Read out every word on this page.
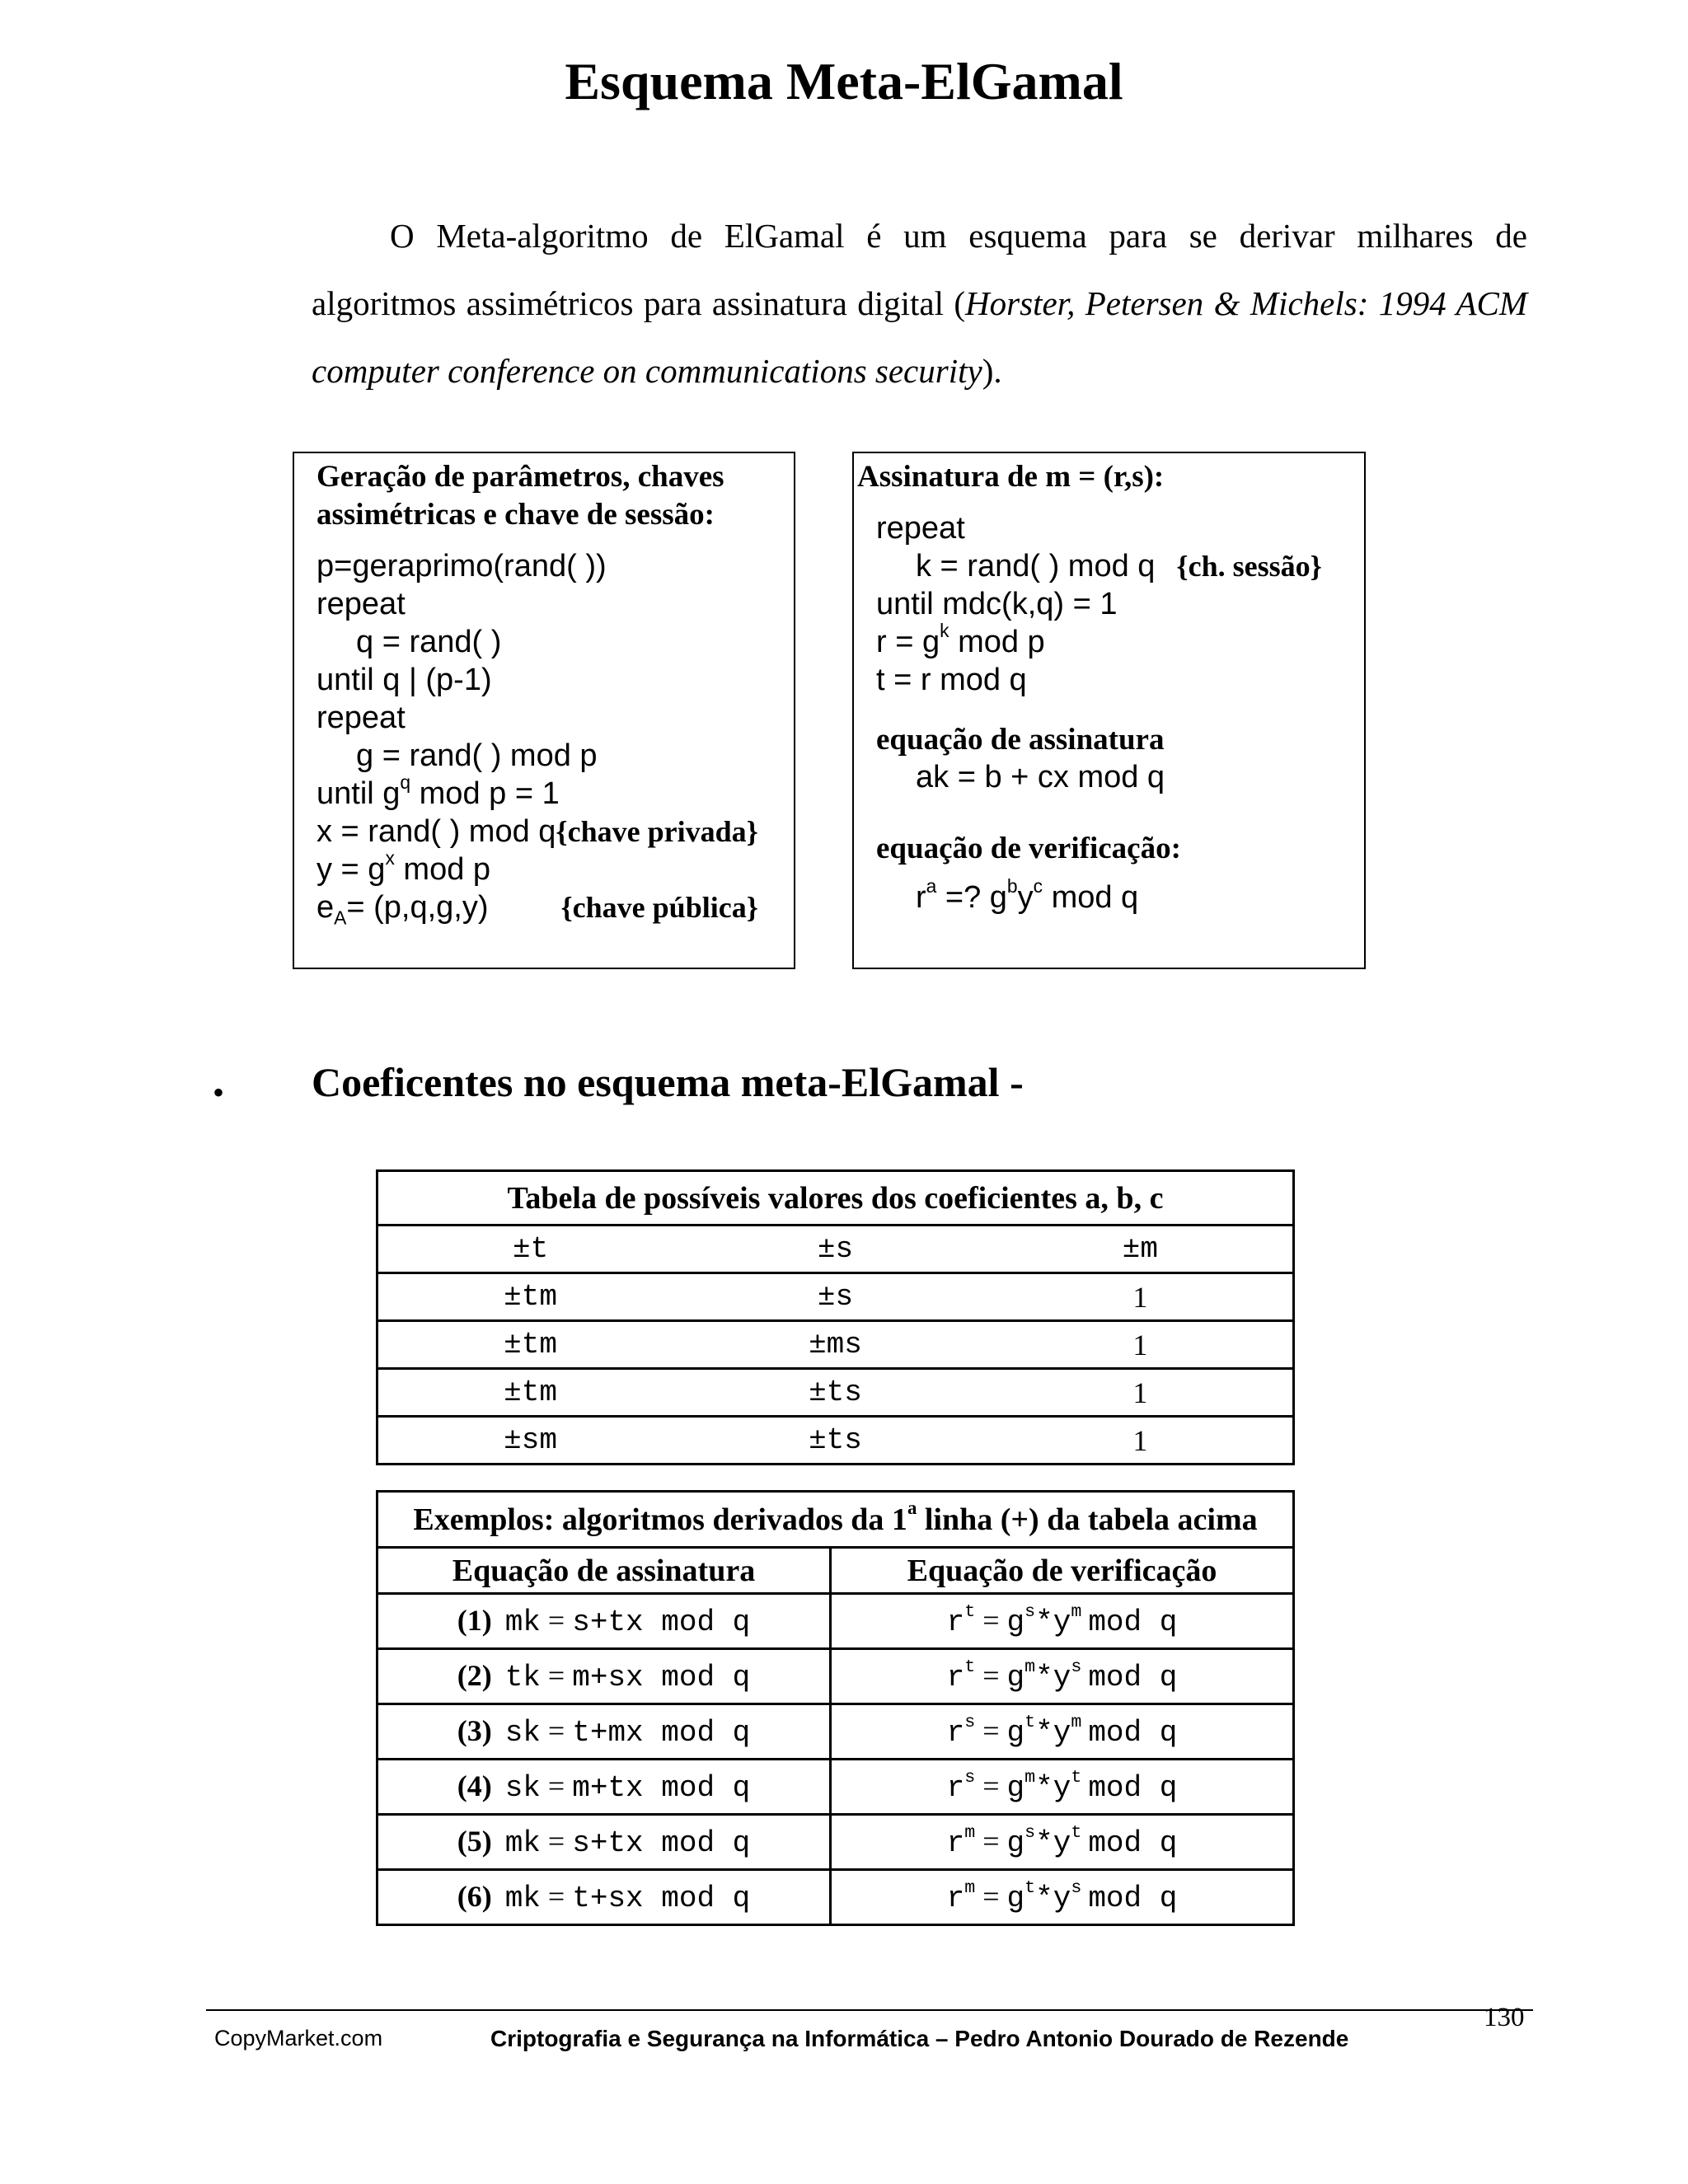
Esquema Meta-ElGamal

O Meta-algoritmo de ElGamal é um esquema para se derivar milhares de algoritmos assimétricos para assinatura digital (Horster, Petersen & Michels: 1994 ACM computer conference on communications security).

Geração de parâmetros, chaves
assimétricas e chave de sessão:
p=geraprimo(rand( ))
repeat
q = rand( )
until q | (p-1)
repeat
g = rand( ) mod p
until $g^q$ mod p = 1
x = rand( ) mod q{chave privada}
$y = g^x$ mod p
$e_A= (p,q,g,y)$ {chave pública}
Assinatura de m = (r,s):
repeat
k = rand( ) mod q {ch. sessão}
until mdc(k,q) = 1
$r = g^k$ mod p
t = r mod q
equação de assinatura
ak = b + cx mod q
equação de verificação:
$r^a$ =? $g^by^c$ mod q
• Coeficentes no esquema meta-ElGamal -
Tabela de possíveis valores dos coeficientes a, b, c		
±t	±s	±m
±tm	±s	1
±tm	±ms	1
±tm	±ts	1
±sm	±ts	1
Exemplos: algoritmos derivados da 1$^a$ linha (+) da tabela acima	
Equação de assinatura	Equação de verificação
(1) mk = s+tx mod q	$r^t = g^s*y^m$ mod q
(2) tk = m+sx mod q	$r^t = g^m*y^s$ mod q
(3) sk = t+mx mod q	$r^s = g^t*y^m$ mod q
(4) sk = m+tx mod q	$r^s = g^m*y^t$ mod q
(5) mk = s+tx mod q	$r^m = g^s*y^t$ mod q
(6) mk = t+sx mod q	$r^m = g^t*y^s$ mod q
CopyMarket.com	Criptografia e Segurança na Informática – Pedro Antonio Dourado de Rezende
130
